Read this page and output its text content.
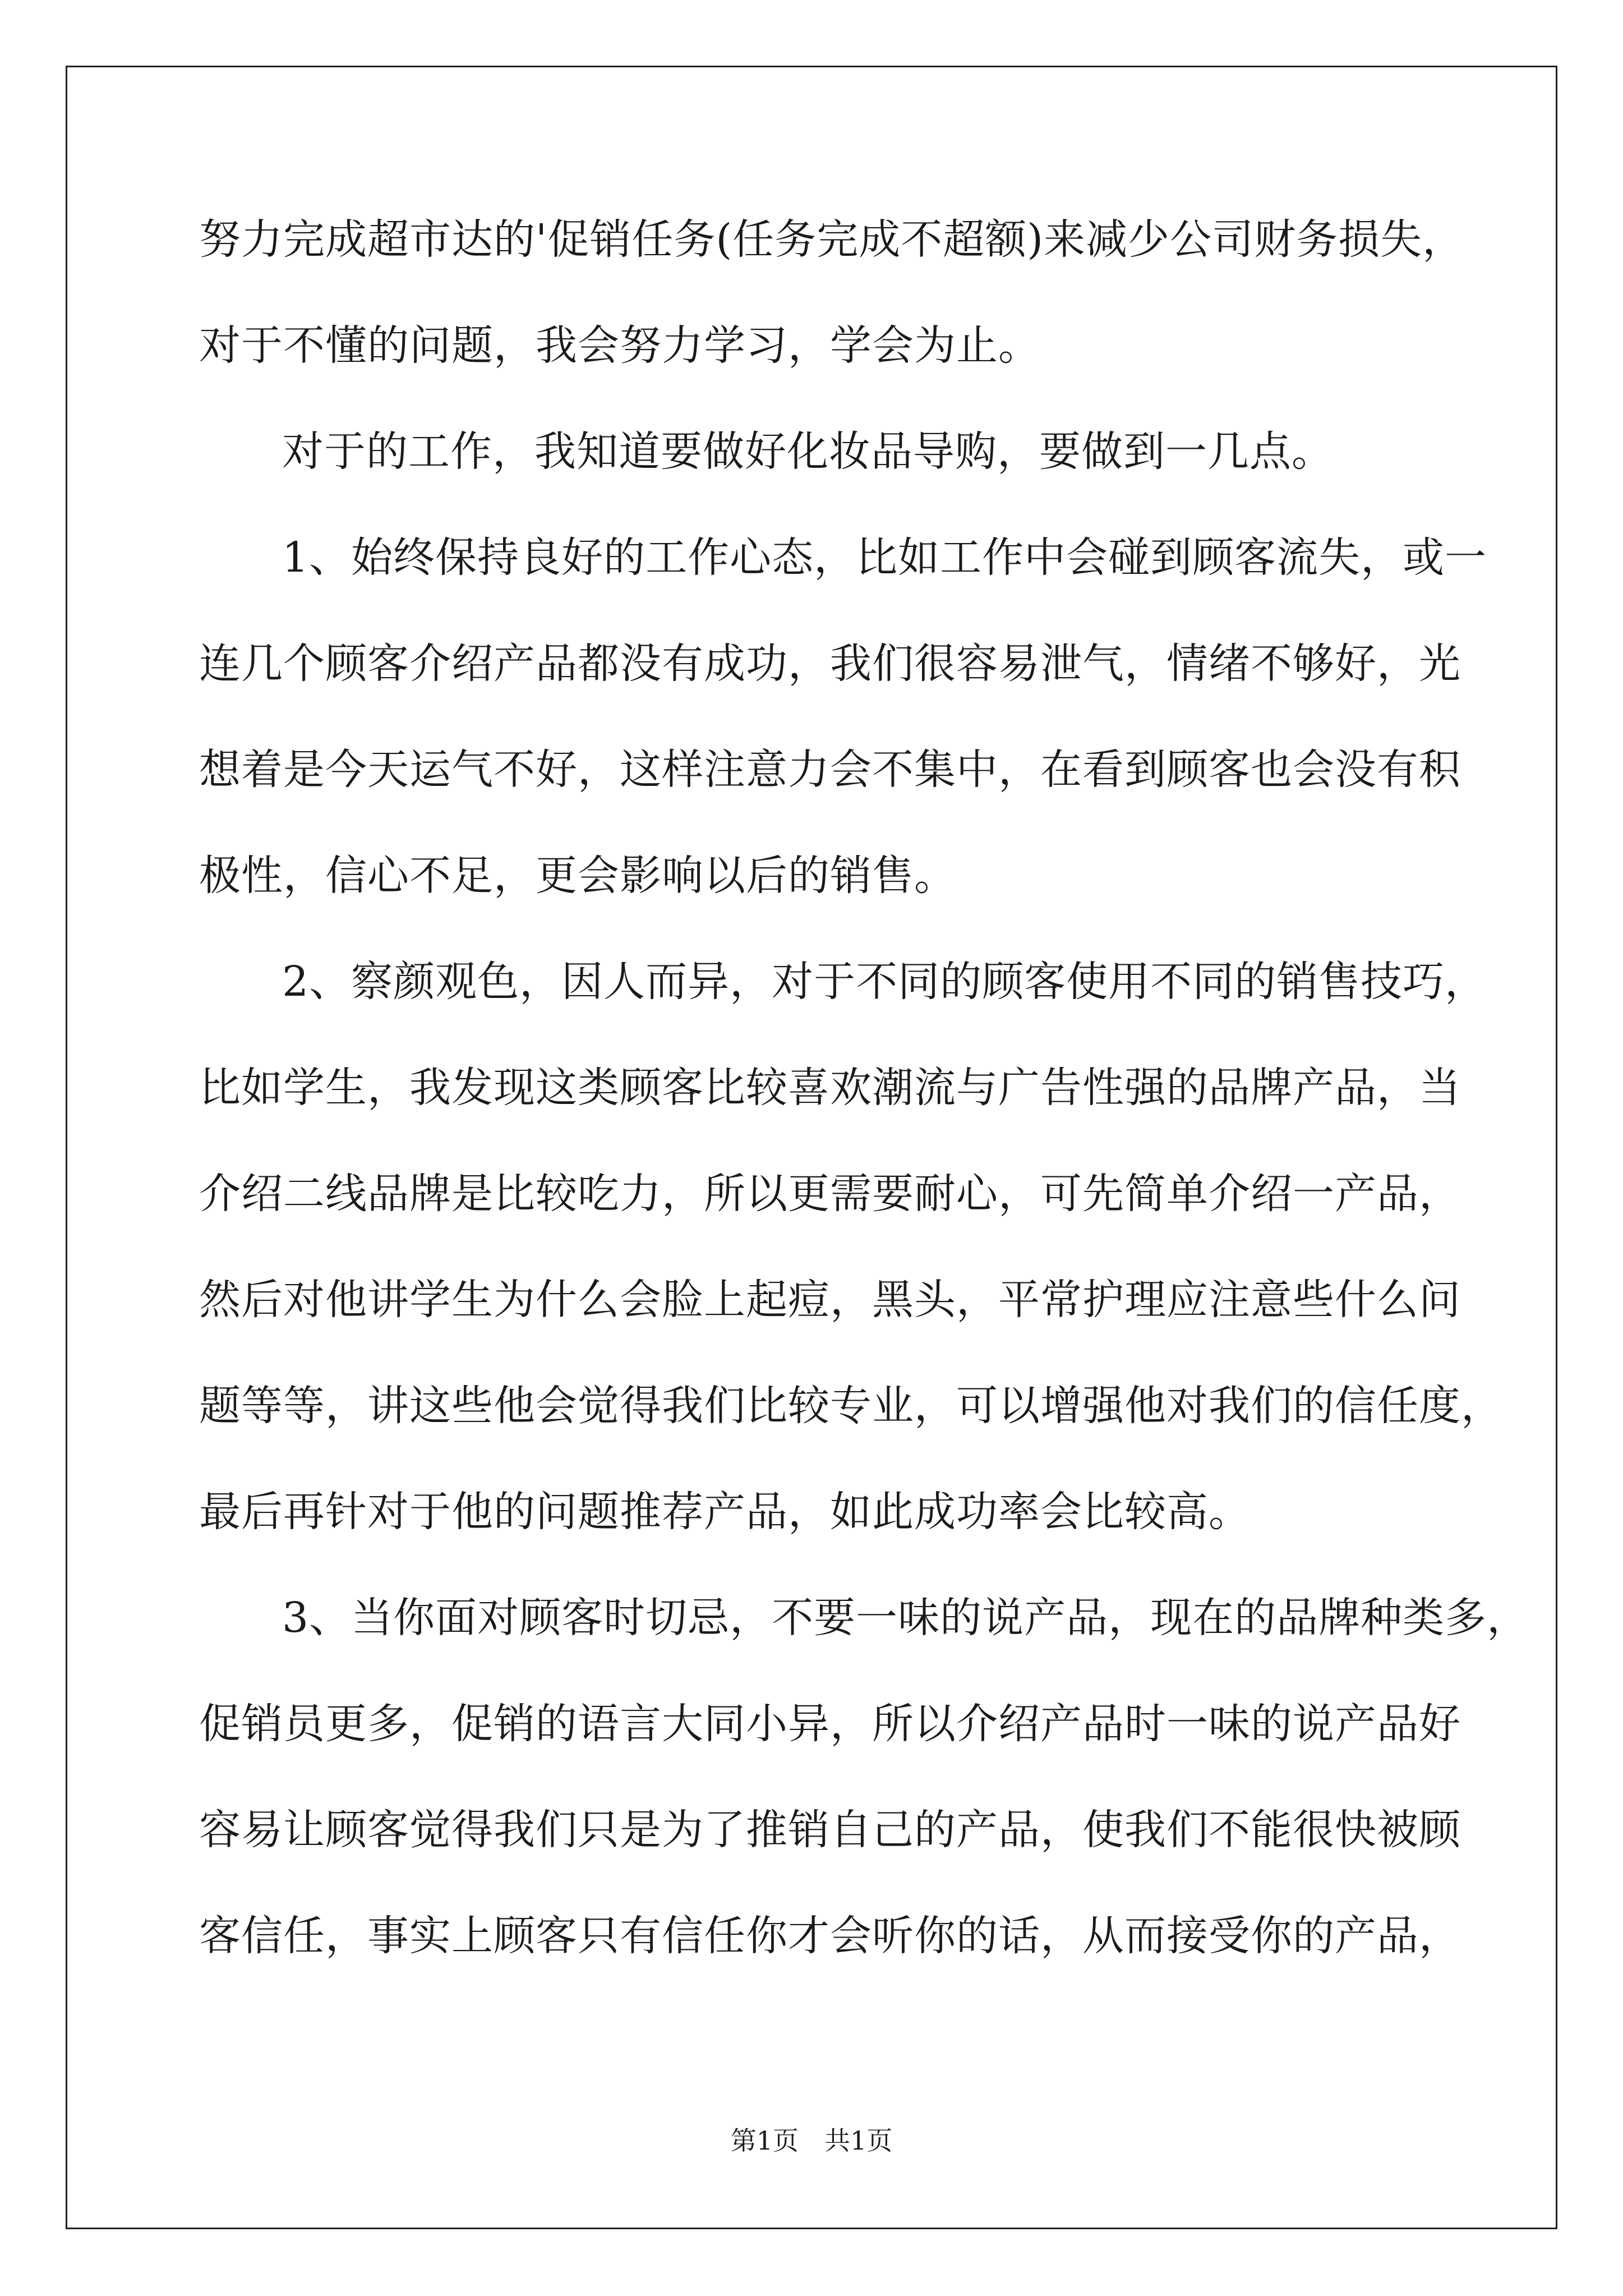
努力完成超市达的'促销任务(任务完成不超额)来减少公司财务损失，
对于不懂的问题，我会努力学习，学会为止。
对于的工作，我知道要做好化妆品导购，要做到一几点。
1、始终保持良好的工作心态，比如工作中会碰到顾客流失，或一
连几个顾客介绍产品都没有成功，我们很容易泄气，情绪不够好，光
想着是今天运气不好，这样注意力会不集中，在看到顾客也会没有积
极性，信心不足，更会影响以后的销售。
2、察颜观色，因人而异，对于不同的顾客使用不同的销售技巧，
比如学生，我发现这类顾客比较喜欢潮流与广告性强的品牌产品，当
介绍二线品牌是比较吃力，所以更需要耐心，可先简单介绍一产品，
然后对他讲学生为什么会脸上起痘，黑头，平常护理应注意些什么问
题等等，讲这些他会觉得我们比较专业，可以增强他对我们的信任度，
最后再针对于他的问题推荐产品，如此成功率会比较高。
3、当你面对顾客时切忌，不要一味的说产品，现在的品牌种类多，
促销员更多，促销的语言大同小异，所以介绍产品时一味的说产品好
容易让顾客觉得我们只是为了推销自己的产品，使我们不能很快被顾
客信任，事实上顾客只有信任你才会听你的话，从而接受你的产品，
第1页 共1页
